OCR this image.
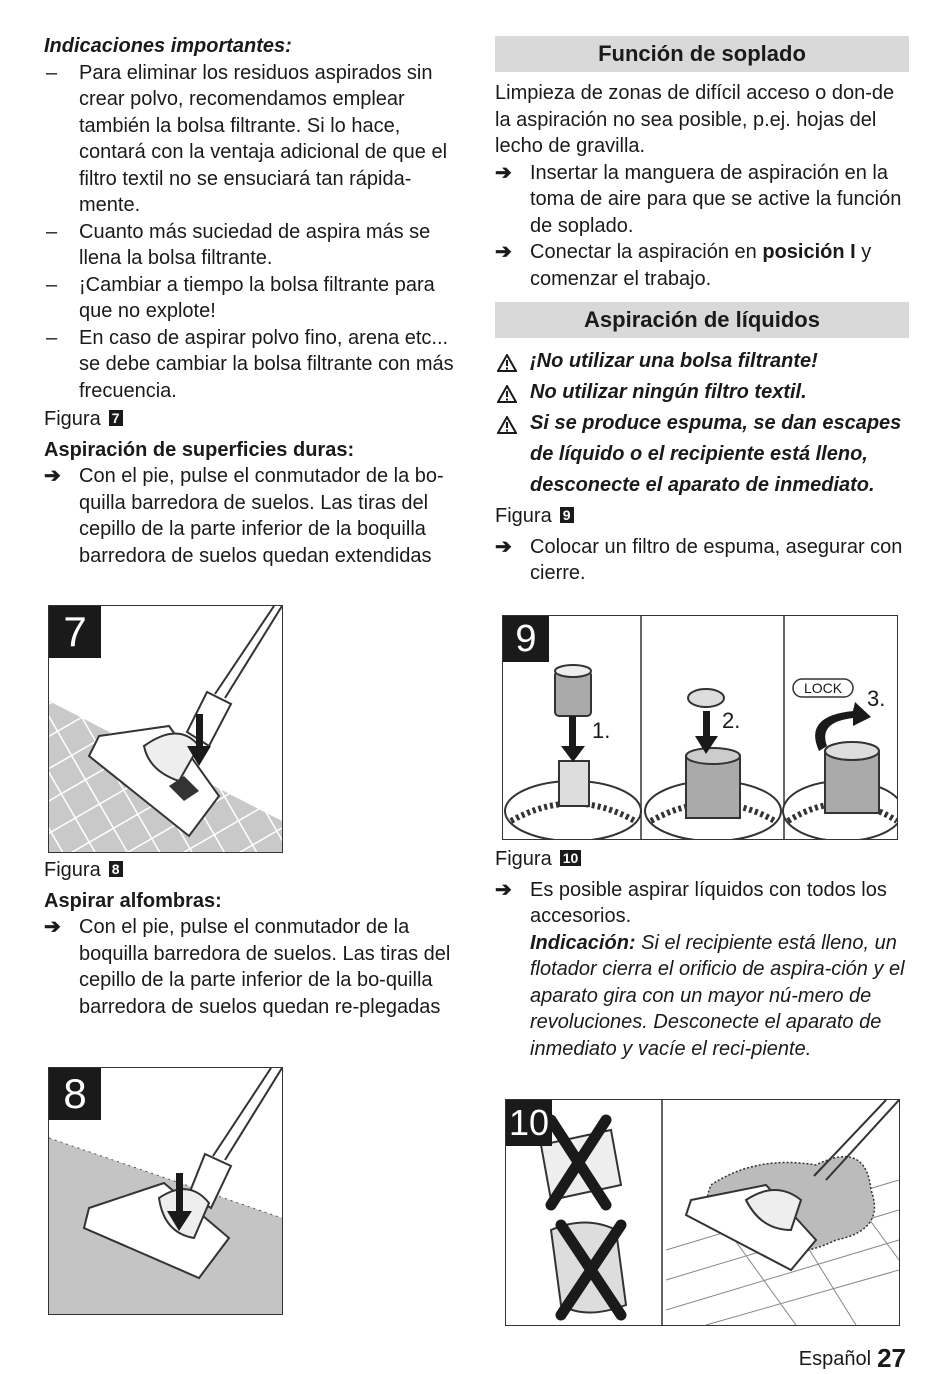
Indicaciones importantes:

–	Para eliminar los residuos aspirados sin crear polvo, recomendamos emplear también la bolsa filtrante. Si lo hace, contará con la ventaja adicional de que el filtro textil no se ensuciará tan rápida-mente.
–	Cuanto más suciedad de aspira más se llena la bolsa filtrante.
–	¡Cambiar a tiempo la bolsa filtrante para que no explote!
–	En caso de aspirar polvo fino, arena etc... se debe cambiar la bolsa filtrante con más frecuencia.

Figura 7

Aspiración de superficies duras:

➔ Con el pie, pulse el conmutador de la bo-quilla barredora de suelos. Las tiras del cepillo de la parte inferior de la boquilla barredora de suelos quedan extendidas

Figura 8

Aspirar alfombras:

➔ Con el pie, pulse el conmutador de la boquilla barredora de suelos. Las tiras del cepillo de la parte inferior de la bo-quilla barredora de suelos quedan re-plegadas
7
8
Función de soplado

Limpieza de zonas de difícil acceso o don-de la aspiración no sea posible, p.ej. hojas del lecho de gravilla.

➔ Insertar la manguera de aspiración en la toma de aire para que se active la función de soplado.
➔ Conectar la aspiración en posición I y comenzar el trabajo.
Aspiración de líquidos
¡No utilizar una bolsa filtrante!
No utilizar ningún filtro textil.
Si se produce espuma, se dan escapes de líquido o el recipiente está lleno, desconecte el aparato de inmediato.

Figura 9

➔ Colocar un filtro de espuma, asegurar con cierre.

Figura 10

➔ Es posible aspirar líquidos con todos los accesorios.
Indicación: Si el recipiente está lleno, un flotador cierra el orificio de aspira-ción y el aparato gira con un mayor nú-mero de revoluciones. Desconecte el aparato de inmediato y vacíe el reci-piente.
1.	2.
LOCK 3.
9
10
Español 27
